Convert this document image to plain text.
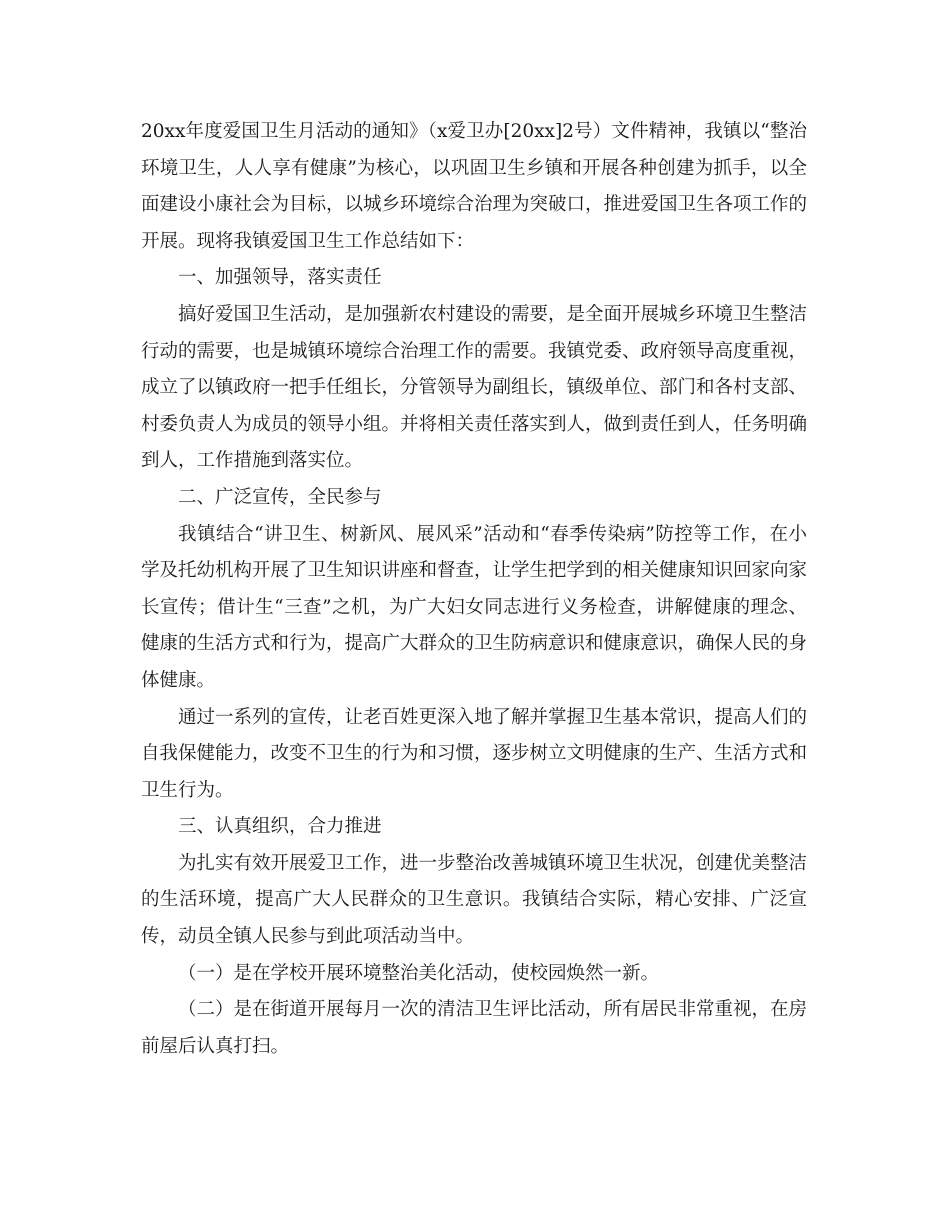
20xx年度爱国卫生月活动的通知》（x爱卫办[20xx]2号）文件精神，我镇以“整治环境卫生，人人享有健康”为核心，以巩固卫生乡镇和开展各种创建为抓手，以全面建设小康社会为目标，以城乡环境综合治理为突破口，推进爱国卫生各项工作的开展。现将我镇爱国卫生工作总结如下：

一、加强领导，落实责任

搞好爱国卫生活动，是加强新农村建设的需要，是全面开展城乡环境卫生整洁行动的需要，也是城镇环境综合治理工作的需要。我镇党委、政府领导高度重视，成立了以镇政府一把手任组长，分管领导为副组长，镇级单位、部门和各村支部、村委负责人为成员的领导小组。并将相关责任落实到人，做到责任到人，任务明确到人，工作措施到落实位。

二、广泛宣传，全民参与

我镇结合“讲卫生、树新风、展风采”活动和“春季传染病”防控等工作，在小学及托幼机构开展了卫生知识讲座和督查，让学生把学到的相关健康知识回家向家长宣传；借计生“三查”之机，为广大妇女同志进行义务检查，讲解健康的理念、健康的生活方式和行为，提高广大群众的卫生防病意识和健康意识，确保人民的身体健康。

通过一系列的宣传，让老百姓更深入地了解并掌握卫生基本常识，提高人们的自我保健能力，改变不卫生的行为和习惯，逐步树立文明健康的生产、生活方式和卫生行为。

三、认真组织，合力推进

为扎实有效开展爱卫工作，进一步整治改善城镇环境卫生状况，创建优美整洁的生活环境，提高广大人民群众的卫生意识。我镇结合实际，精心安排、广泛宣传，动员全镇人民参与到此项活动当中。

（一）是在学校开展环境整治美化活动，使校园焕然一新。

（二）是在街道开展每月一次的清洁卫生评比活动，所有居民非常重视，在房前屋后认真打扫。
